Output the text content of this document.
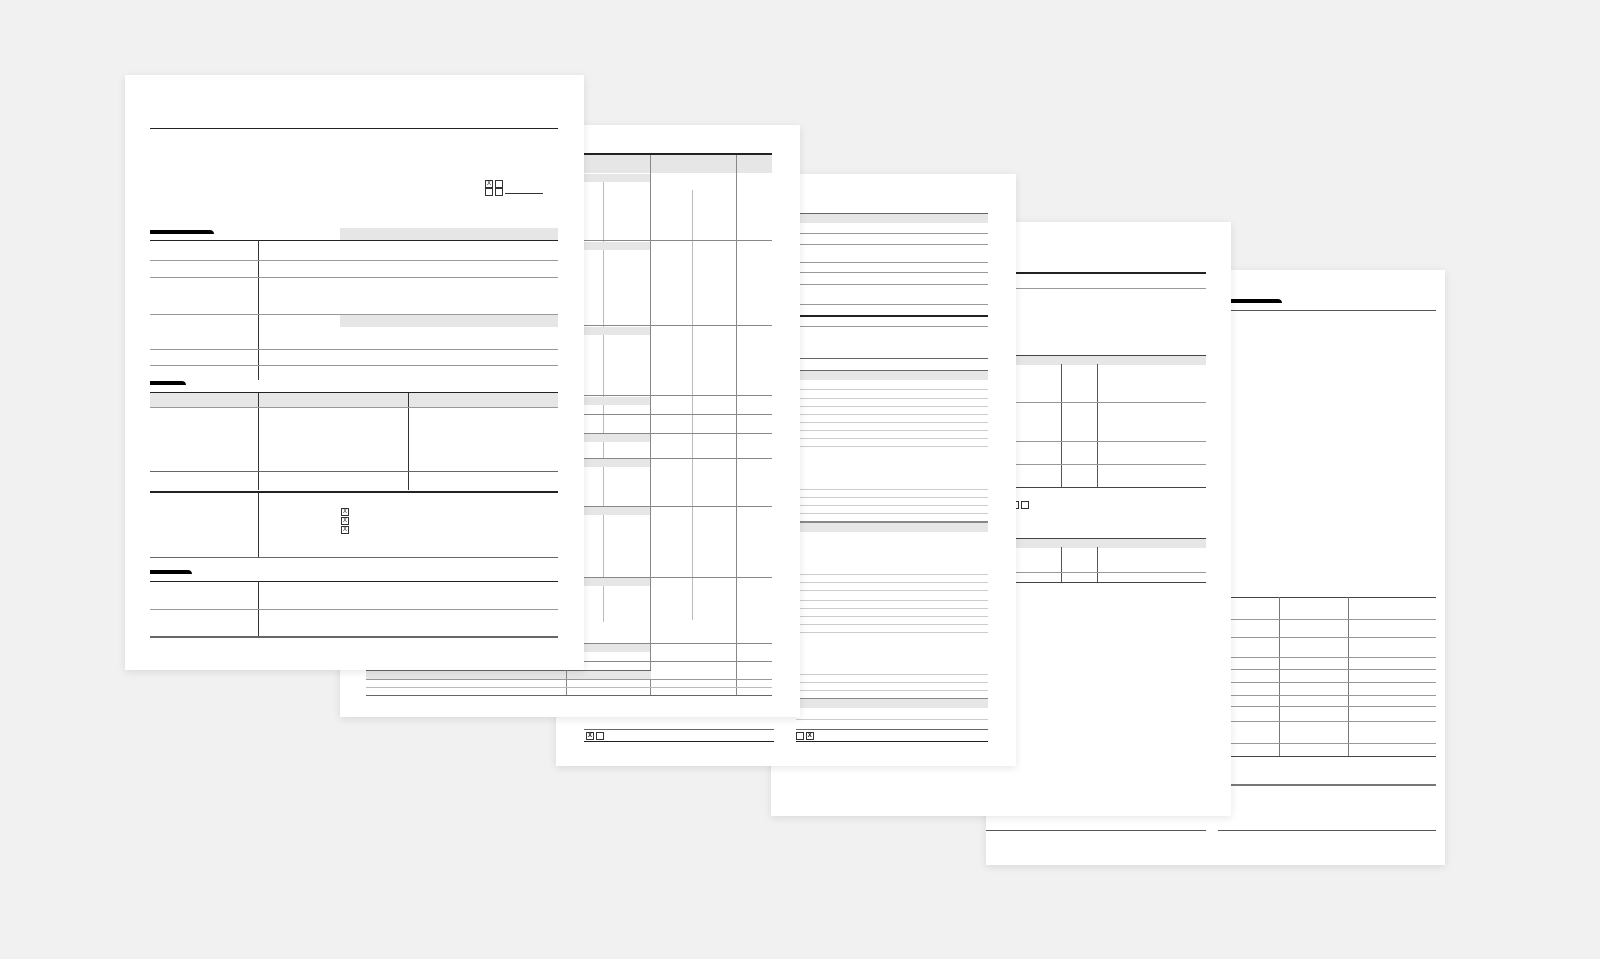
X	X
X

X
X
X
